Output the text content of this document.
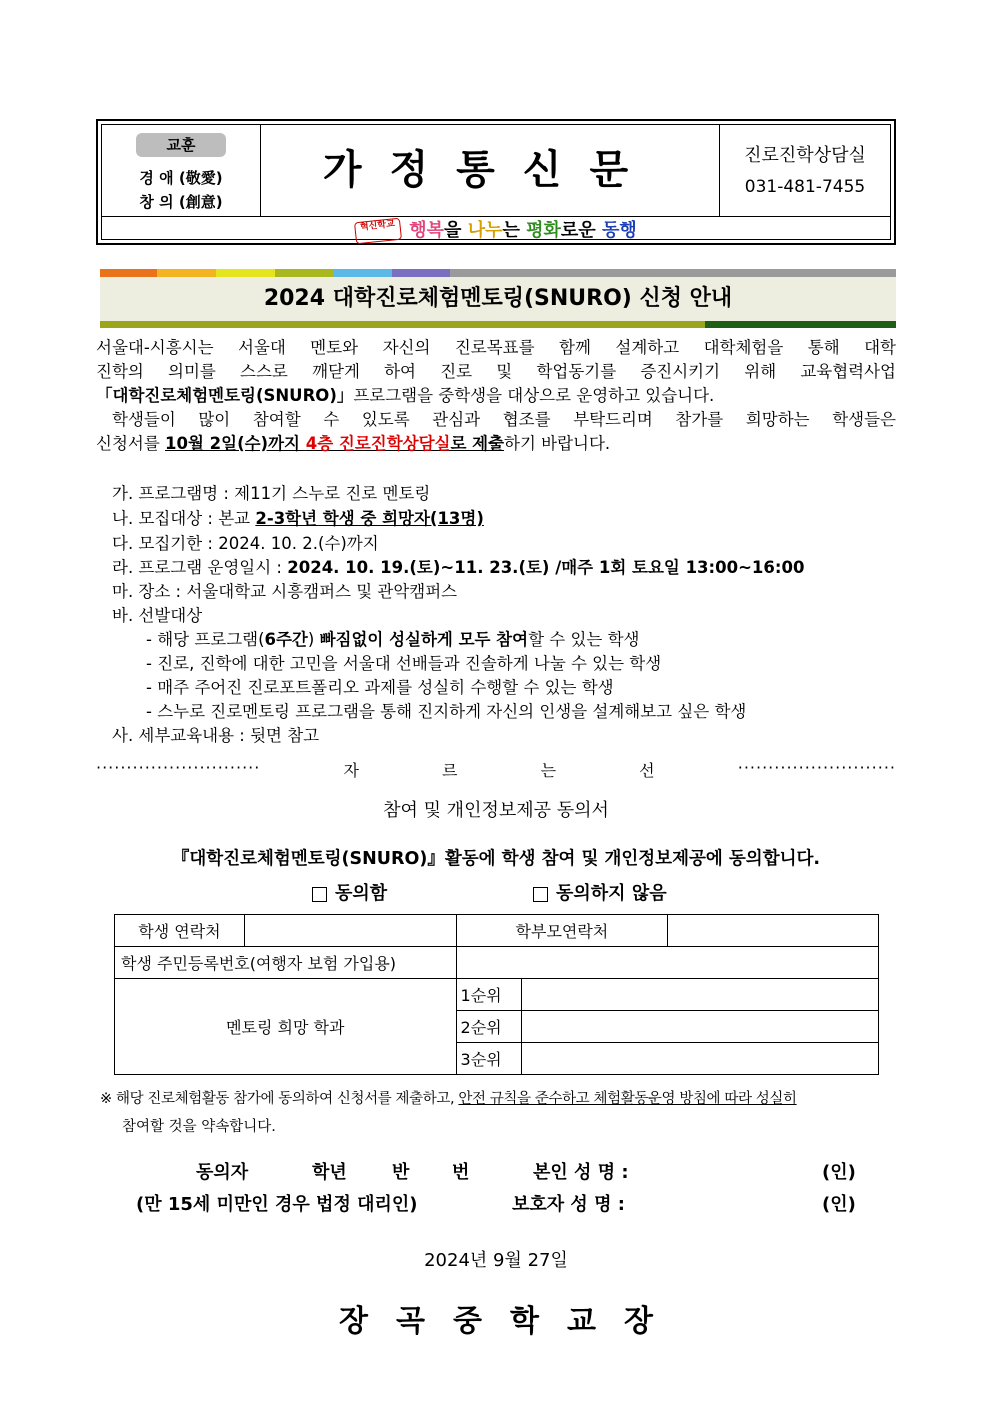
교훈
경 애 (敬愛)
창 의 (創意)
가정통신문	진로진학상담실
031-481-7455
혁신학교 행복을 나누는 평화로운 동행
2024 대학진로체험멘토링(SNURO) 신청 안내
서울대-시흥시는 서울대 멘토와 자신의 진로목표를 함께 설계하고 대학체험을 통해 대학
진학의 의미를 스스로 깨닫게 하여 진로 및 학업동기를 증진시키기 위해 교육협력사업
「대학진로체험멘토링(SNURO)」프로그램을 중학생을 대상으로 운영하고 있습니다.
학생들이 많이 참여할 수 있도록 관심과 협조를 부탁드리며 참가를 희망하는 학생들은
신청서를 10월 2일(수)까지 4층 진로진학상담실로 제출하기 바랍니다.
가. 프로그램명 : 제11기 스누로 진로 멘토링
나. 모집대상 : 본교 2-3학년 학생 중 희망자(13명)
다. 모집기한 : 2024. 10. 2.(수)까지
라. 프로그램 운영일시 : 2024. 10. 19.(토)~11. 23.(토) /매주 1회 토요일 13:00~16:00
마. 장소 : 서울대학교 시흥캠퍼스 및 관악캠퍼스
바. 선발대상
- 해당 프로그램(6주간) 빠짐없이 성실하게 모두 참여할 수 있는 학생
- 진로, 진학에 대한 고민을 서울대 선배들과 진솔하게 나눌 수 있는 학생
- 매주 주어진 진로포트폴리오 과제를 성실히 수행할 수 있는 학생
- 스누로 진로멘토링 프로그램을 통해 진지하게 자신의 인생을 설계해보고 싶은 학생
사. 세부교육내용 : 뒷면 참고
···························	자	르	는	선	··························
참여 및 개인정보제공 동의서
『대학진로체험멘토링(SNURO)』활동에 학생 참여 및 개인정보제공에 동의합니다.
동의함	동의하지 않음
학생 연락처		학부모연락처		
학생 주민등록번호(여행자 보험 가입용)				
멘토링 희망 학과		1순위		
		2순위		
		3순위		
※ 해당 진로체험활동 참가에 동의하여 신청서를 제출하고, 안전 규칙을 준수하고 체험활동운영 방침에 따라 성실히
참여할 것을 약속합니다.
동의자	학년	반 번	본인 성 명 :	(인)
(만 15세 미만인 경우 법정 대리인)	보호자 성 명 :	(인)
2024년 9월 27일
장곡중학교장
